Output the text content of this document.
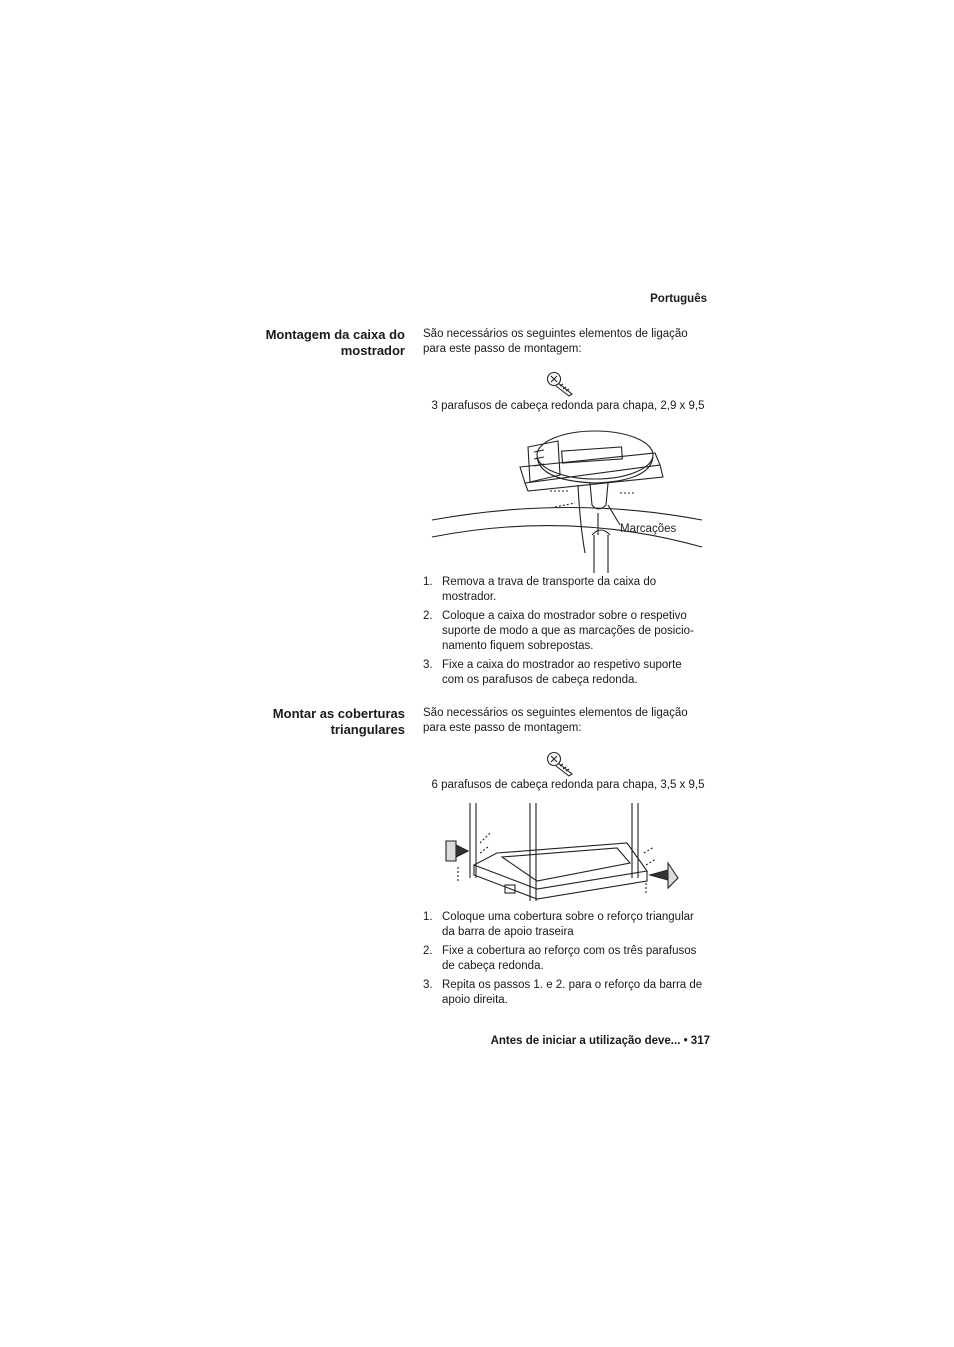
Português
Montagem da caixa do
mostrador
São necessários os seguintes elementos de ligação
para este passo de montagem:
3 parafusos de cabeça redonda para chapa, 2,9 x 9,5
Marcações
1. Remova a trava de transporte da caixa do
mostrador.
2. Coloque a caixa do mostrador sobre o respetivo
suporte de modo a que as marcações de posicio-
namento fiquem sobrepostas.
3. Fixe a caixa do mostrador ao respetivo suporte
com os parafusos de cabeça redonda.
Montar as coberturas
triangulares
São necessários os seguintes elementos de ligação
para este passo de montagem:
6 parafusos de cabeça redonda para chapa, 3,5 x 9,5
1. Coloque uma cobertura sobre o reforço triangular
da barra de apoio traseira
2. Fixe a cobertura ao reforço com os três parafusos
de cabeça redonda.
3. Repita os passos 1. e 2. para o reforço da barra de
apoio direita.
Antes de iniciar a utilização deve... • 317
